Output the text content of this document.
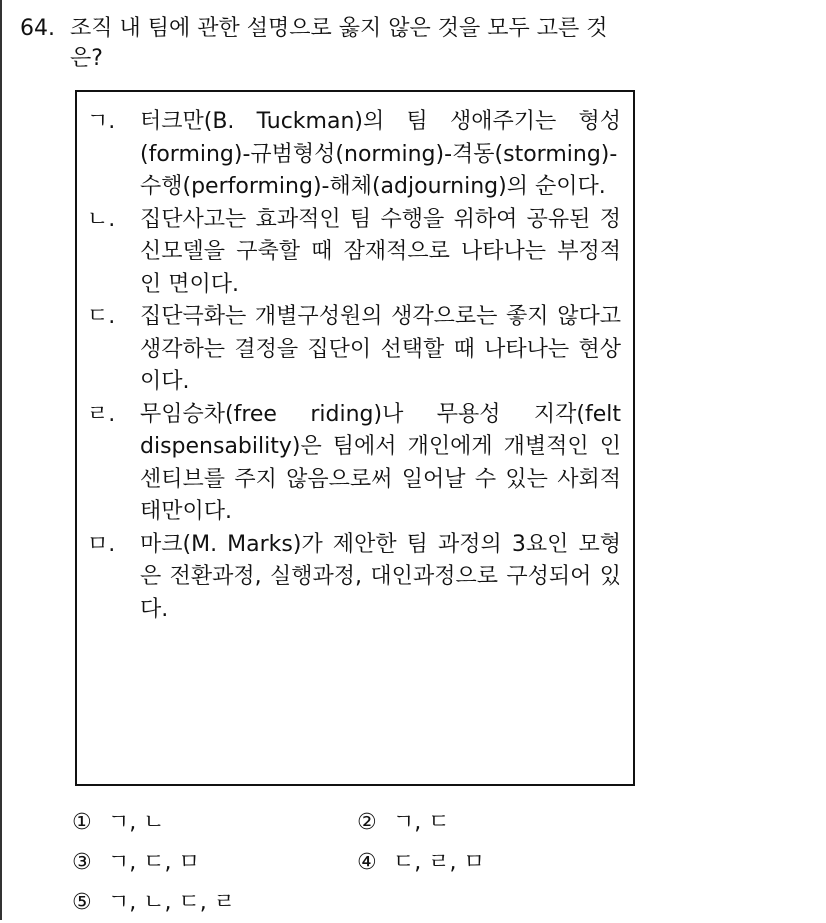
64. 조직 내 팀에 관한 설명으로 옳지 않은 것을 모두 고른 것
은?
ㄱ.	터크만(B. Tuckman)의 팀 생애주기는 형성(forming)-규범형성(norming)-격동(storming)-수행(performing)-해체(adjourning)의 순이다.
ㄴ.	집단사고는 효과적인 팀 수행을 위하여 공유된 정신모델을 구축할 때 잠재적으로 나타나는 부정적인 면이다.
ㄷ.	집단극화는 개별구성원의 생각으로는 좋지 않다고 생각하는 결정을 집단이 선택할 때 나타나는 현상이다.
ㄹ.	무임승차(free riding)나 무용성 지각(felt dispensability)은 팀에서 개인에게 개별적인 인센티브를 주지 않음으로써 일어날 수 있는 사회적 태만이다.
ㅁ.	마크(M. Marks)가 제안한 팀 과정의 3요인 모형은 전환과정, 실행과정, 대인과정으로 구성되어 있다.
① ㄱ, ㄴ	② ㄱ, ㄷ
③ ㄱ, ㄷ, ㅁ	④ ㄷ, ㄹ, ㅁ
⑤ ㄱ, ㄴ, ㄷ, ㄹ
